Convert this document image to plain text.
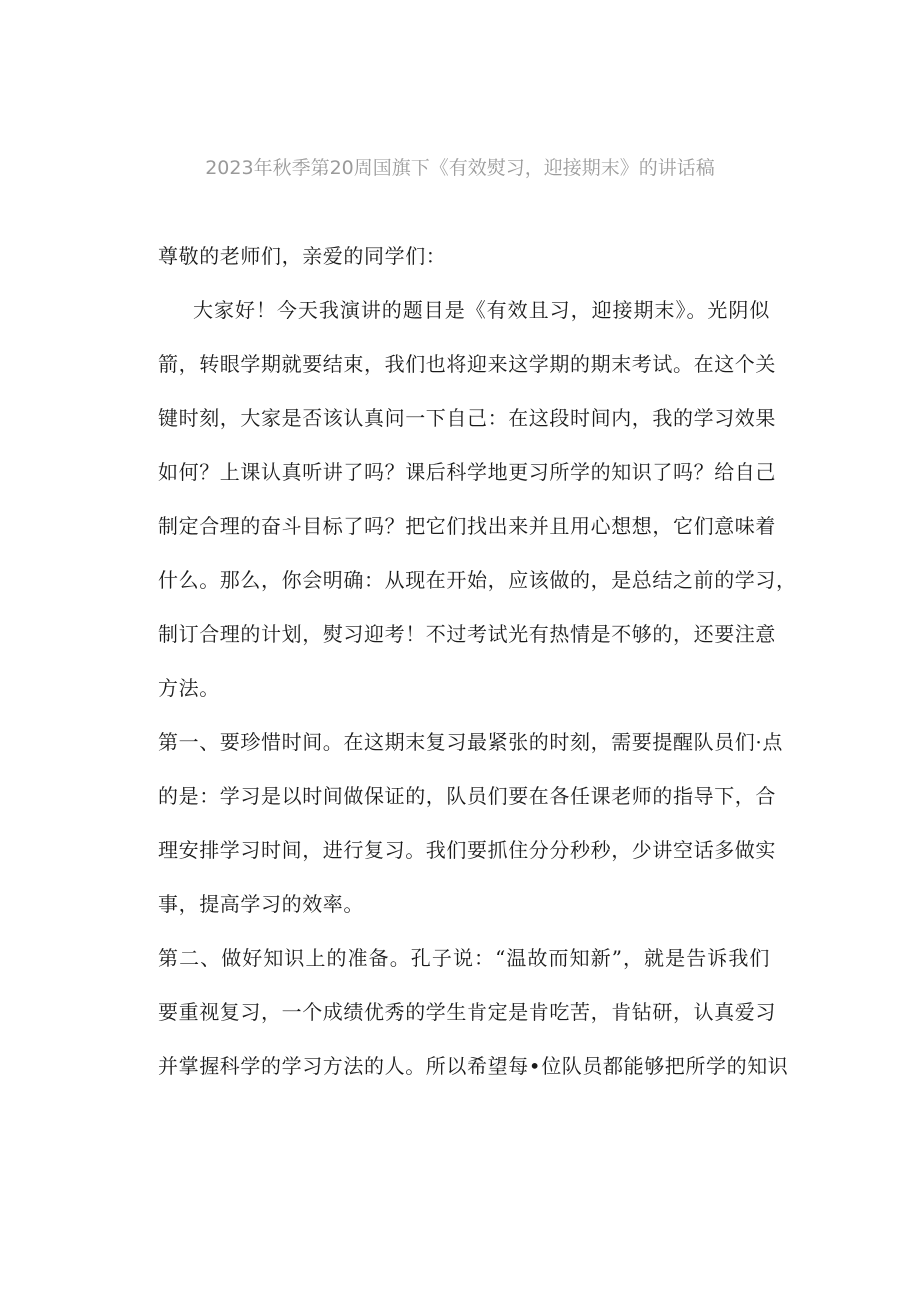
2023年秋季第20周国旗下《有效熨习，迎接期末》的讲话稿
尊敬的老师们，亲爱的同学们：
大家好！今天我演讲的题目是《有效且习，迎接期末》。光阴似
箭，转眼学期就要结束，我们也将迎来这学期的期末考试。在这个关
键时刻，大家是否该认真问一下自己：在这段时间内，我的学习效果
如何？上课认真听讲了吗？课后科学地更习所学的知识了吗？给自己
制定合理的奋斗目标了吗？把它们找出来并且用心想想，它们意味着
什么。那么，你会明确：从现在开始，应该做的，是总结之前的学习，
制订合理的计划，熨习迎考！不过考试光有热情是不够的，还要注意
方法。
第一、要珍惜时间。在这期末复习最紧张的时刻，需要提醒队员们·点
的是：学习是以时间做保证的，队员们要在各任课老师的指导下，合
理安排学习时间，进行复习。我们要抓住分分秒秒，少讲空话多做实
事，提高学习的效率。
第二、做好知识上的准备。孔子说：“温故而知新”，就是告诉我们
要重视复习，一个成绩优秀的学生肯定是肯吃苦，肯钻研，认真爱习
并掌握科学的学习方法的人。所以希望每•位队员都能够把所学的知识
